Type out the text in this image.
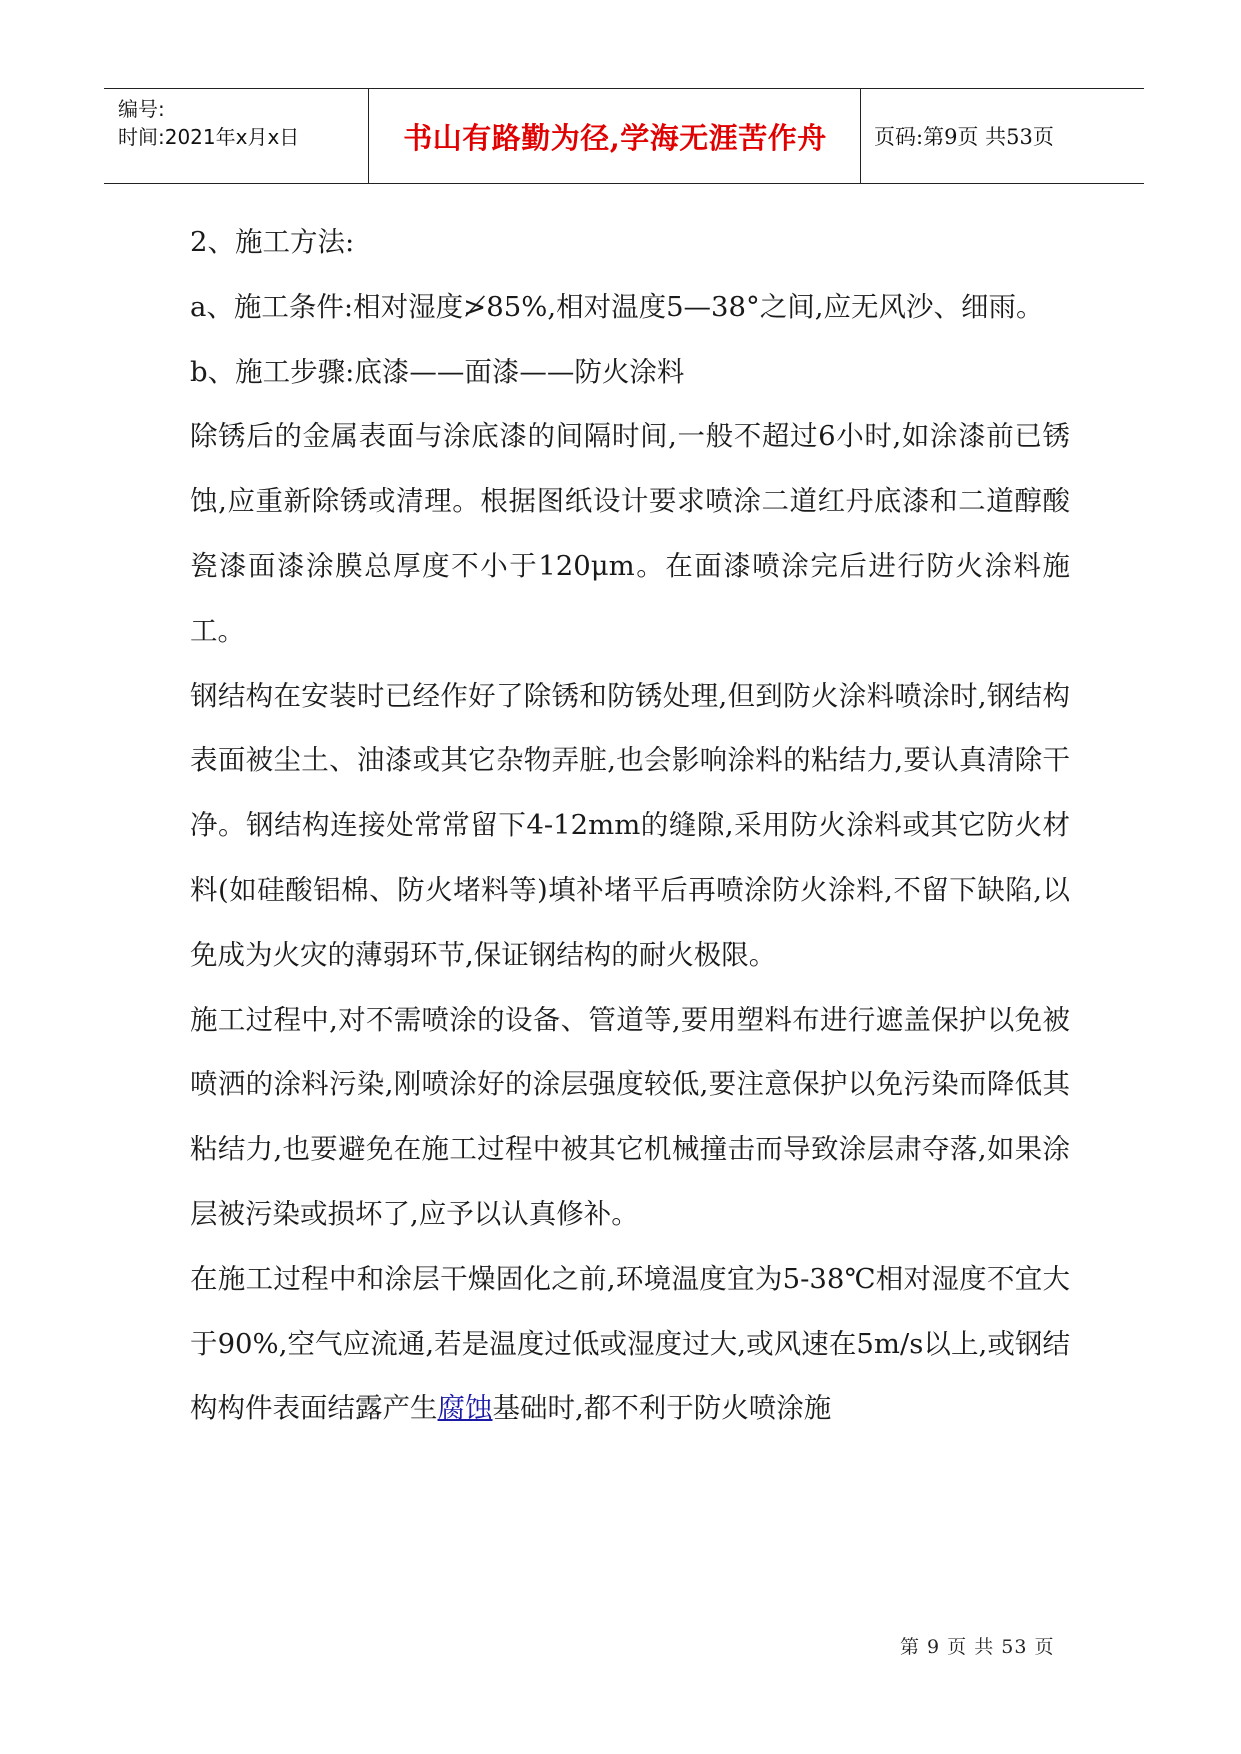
编号:
时间:2021年x月x日	书山有路勤为径,学海无涯苦作舟	页码:第9页 共53页

2、施工方法:

a、施工条件:相对湿度≯85%,相对温度5—38°之间,应无风沙、细雨。

b、施工步骤:底漆——面漆——防火涂料

除锈后的金属表面与涂底漆的间隔时间,一般不超过6小时,如涂漆前已锈蚀,应重新除锈或清理。根据图纸设计要求喷涂二道红丹底漆和二道醇酸瓷漆面漆涂膜总厚度不小于120μm。在面漆喷涂完后进行防火涂料施工。

钢结构在安装时已经作好了除锈和防锈处理,但到防火涂料喷涂时,钢结构表面被尘土、油漆或其它杂物弄脏,也会影响涂料的粘结力,要认真清除干净。钢结构连接处常常留下4-12mm的缝隙,采用防火涂料或其它防火材料(如硅酸铝棉、防火堵料等)填补堵平后再喷涂防火涂料,不留下缺陷,以免成为火灾的薄弱环节,保证钢结构的耐火极限。

施工过程中,对不需喷涂的设备、管道等,要用塑料布进行遮盖保护以免被喷洒的涂料污染,刚喷涂好的涂层强度较低,要注意保护以免污染而降低其粘结力,也要避免在施工过程中被其它机械撞击而导致涂层肃夺落,如果涂层被污染或损坏了,应予以认真修补。

在施工过程中和涂层干燥固化之前,环境温度宜为5-38℃相对湿度不宜大于90%,空气应流通,若是温度过低或湿度过大,或风速在5m/s以上,或钢结构构件表面结露产生腐蚀基础时,都不利于防火喷涂施

第 9 页 共 53 页
